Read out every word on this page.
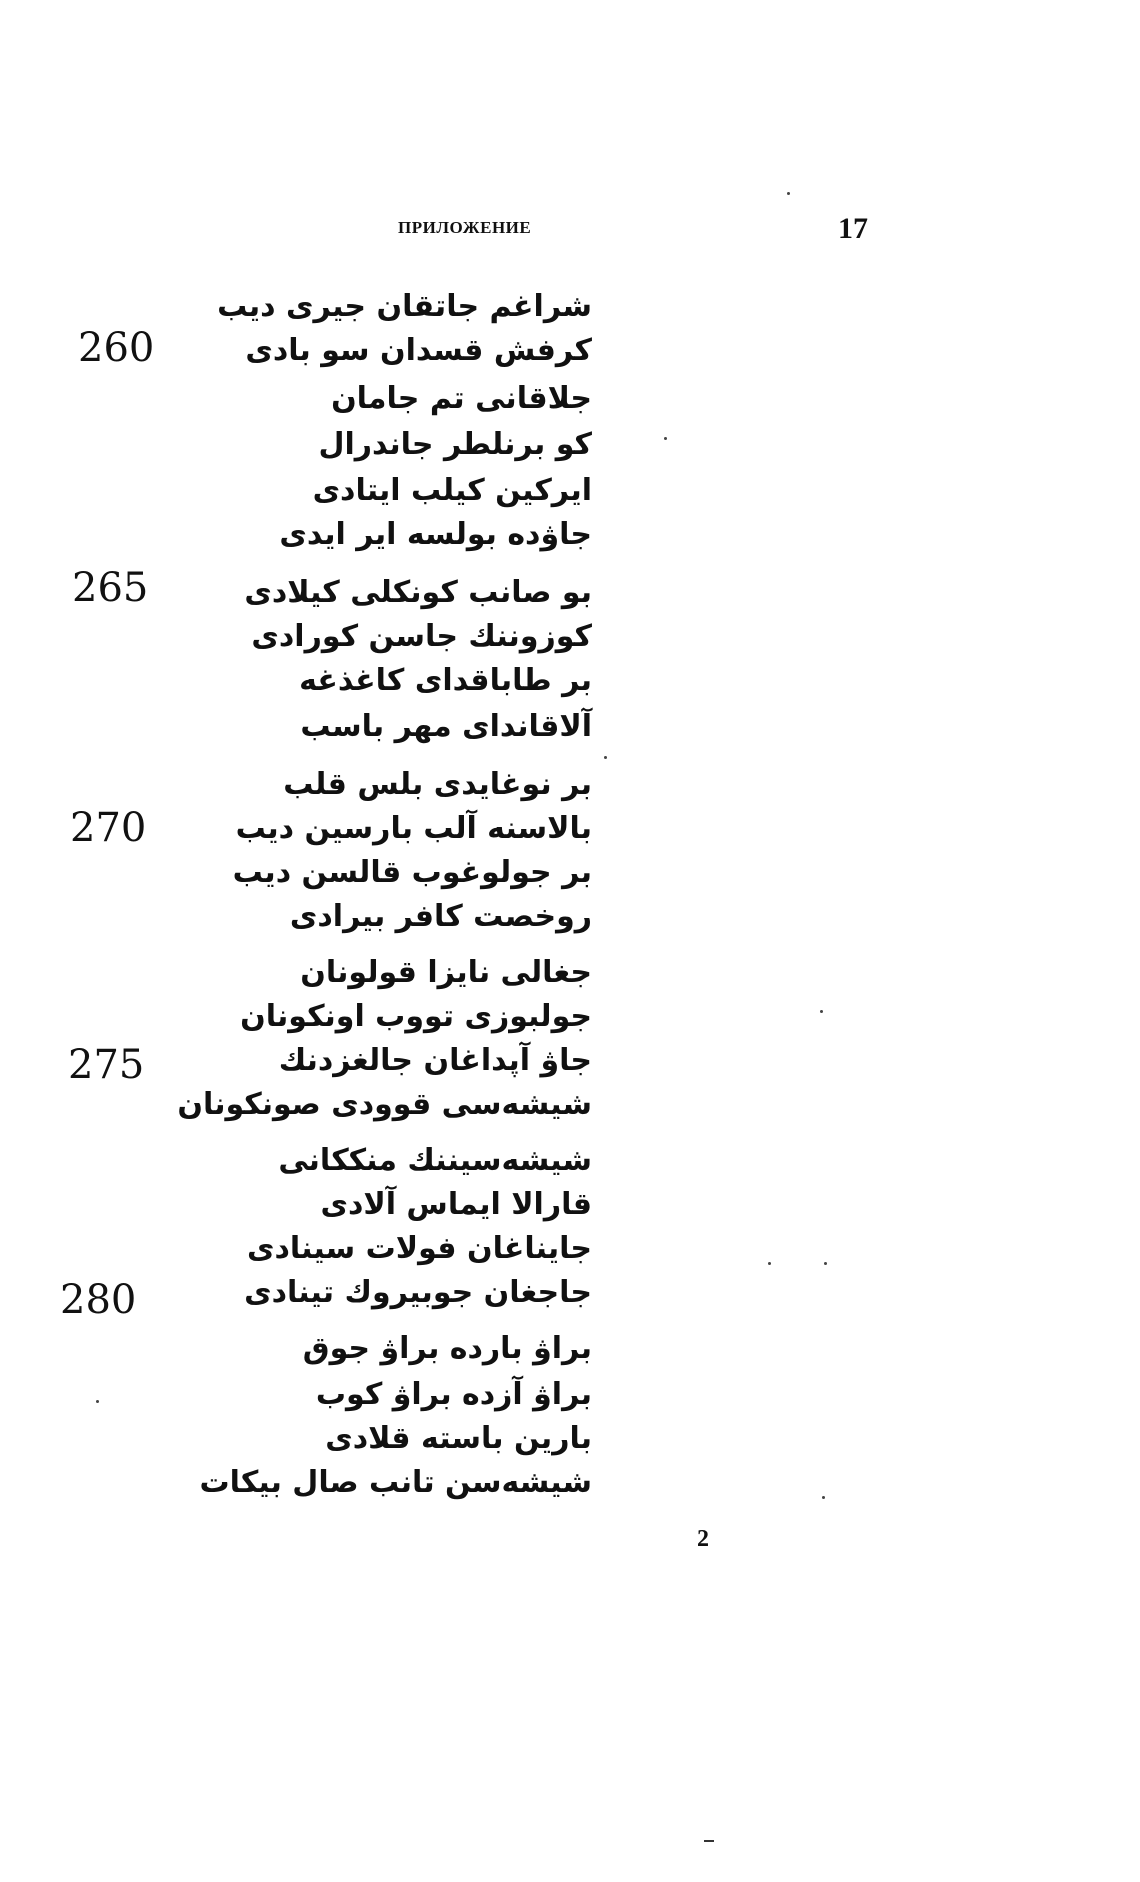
ПРИЛОЖЕНИЕ	17
260
265
270
275
280
شراغم جاتقان جيری ديب
كرفش قسدان سو بادی
جلاقانی تم جامان
كو برنلطر جاندرال
ایرکین کیلب ایتادی
جاۋده بولسه ایر ایدی
بو صانب كونكلی كيلادی
كوزوننك جاسن كورادی
بر طاباقدای کاغذغه
آلاقاندای مهر باسب
بر نوغایدی بلس قلب
بالاسنه آلب بارسین دیب
بر جولوغوب قالسن دیب
روخصت كافر بیرادی
جغالی نایزا قولونان
جولبوزی تووب اونکونان
جاۋ آپداغان جالغزدنك
شیشەسی قوودی صونكونان
شیشەسیننك منککانی
قارالا ایماس آلادی
جایناغان فولات سینادی
جاجغان جوبیروك تینادی
براۋ بارده براۋ جوق
براۋ آزده براۋ كوب
بارین باسته قلادی
شیشەسن تانب صال بیكات
2
